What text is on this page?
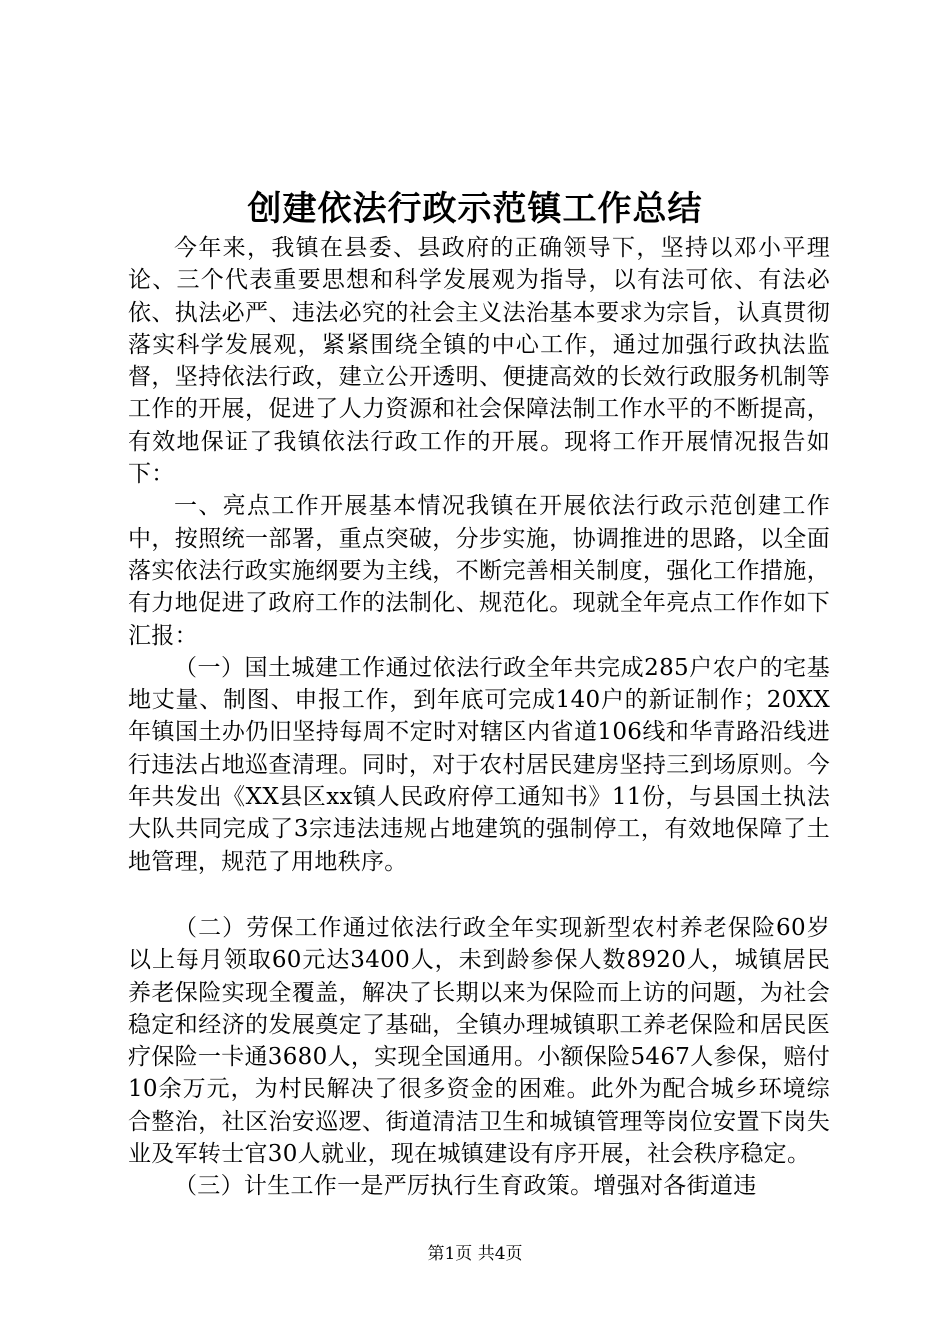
创建依法行政示范镇工作总结

今年来，我镇在县委、县政府的正确领导下，坚持以邓小平理论、三个代表重要思想和科学发展观为指导，以有法可依、有法必依、执法必严、违法必究的社会主义法治基本要求为宗旨，认真贯彻落实科学发展观，紧紧围绕全镇的中心工作，通过加强行政执法监督，坚持依法行政，建立公开透明、便捷高效的长效行政服务机制等工作的开展，促进了人力资源和社会保障法制工作水平的不断提高，有效地保证了我镇依法行政工作的开展。现将工作开展情况报告如下：

一、亮点工作开展基本情况我镇在开展依法行政示范创建工作中，按照统一部署，重点突破，分步实施，协调推进的思路，以全面落实依法行政实施纲要为主线，不断完善相关制度，强化工作措施，有力地促进了政府工作的法制化、规范化。现就全年亮点工作作如下汇报：

（一）国土城建工作通过依法行政全年共完成285户农户的宅基地丈量、制图、申报工作，到年底可完成140户的新证制作；20XX年镇国土办仍旧坚持每周不定时对辖区内省道106线和华青路沿线进行违法占地巡查清理。同时，对于农村居民建房坚持三到场原则。今年共发出《XX县区xx镇人民政府停工通知书》11份，与县国土执法大队共同完成了3宗违法违规占地建筑的强制停工，有效地保障了土地管理，规范了用地秩序。

（二）劳保工作通过依法行政全年实现新型农村养老保险60岁以上每月领取60元达3400人，未到龄参保人数8920人，城镇居民养老保险实现全覆盖，解决了长期以来为保险而上访的问题，为社会稳定和经济的发展奠定了基础，全镇办理城镇职工养老保险和居民医疗保险一卡通3680人，实现全国通用。小额保险5467人参保，赔付10余万元，为村民解决了很多资金的困难。此外为配合城乡环境综合整治，社区治安巡逻、街道清洁卫生和城镇管理等岗位安置下岗失业及军转士官30人就业，现在城镇建设有序开展，社会秩序稳定。

（三）计生工作一是严厉执行生育政策。增强对各街道违

第1页 共4页
